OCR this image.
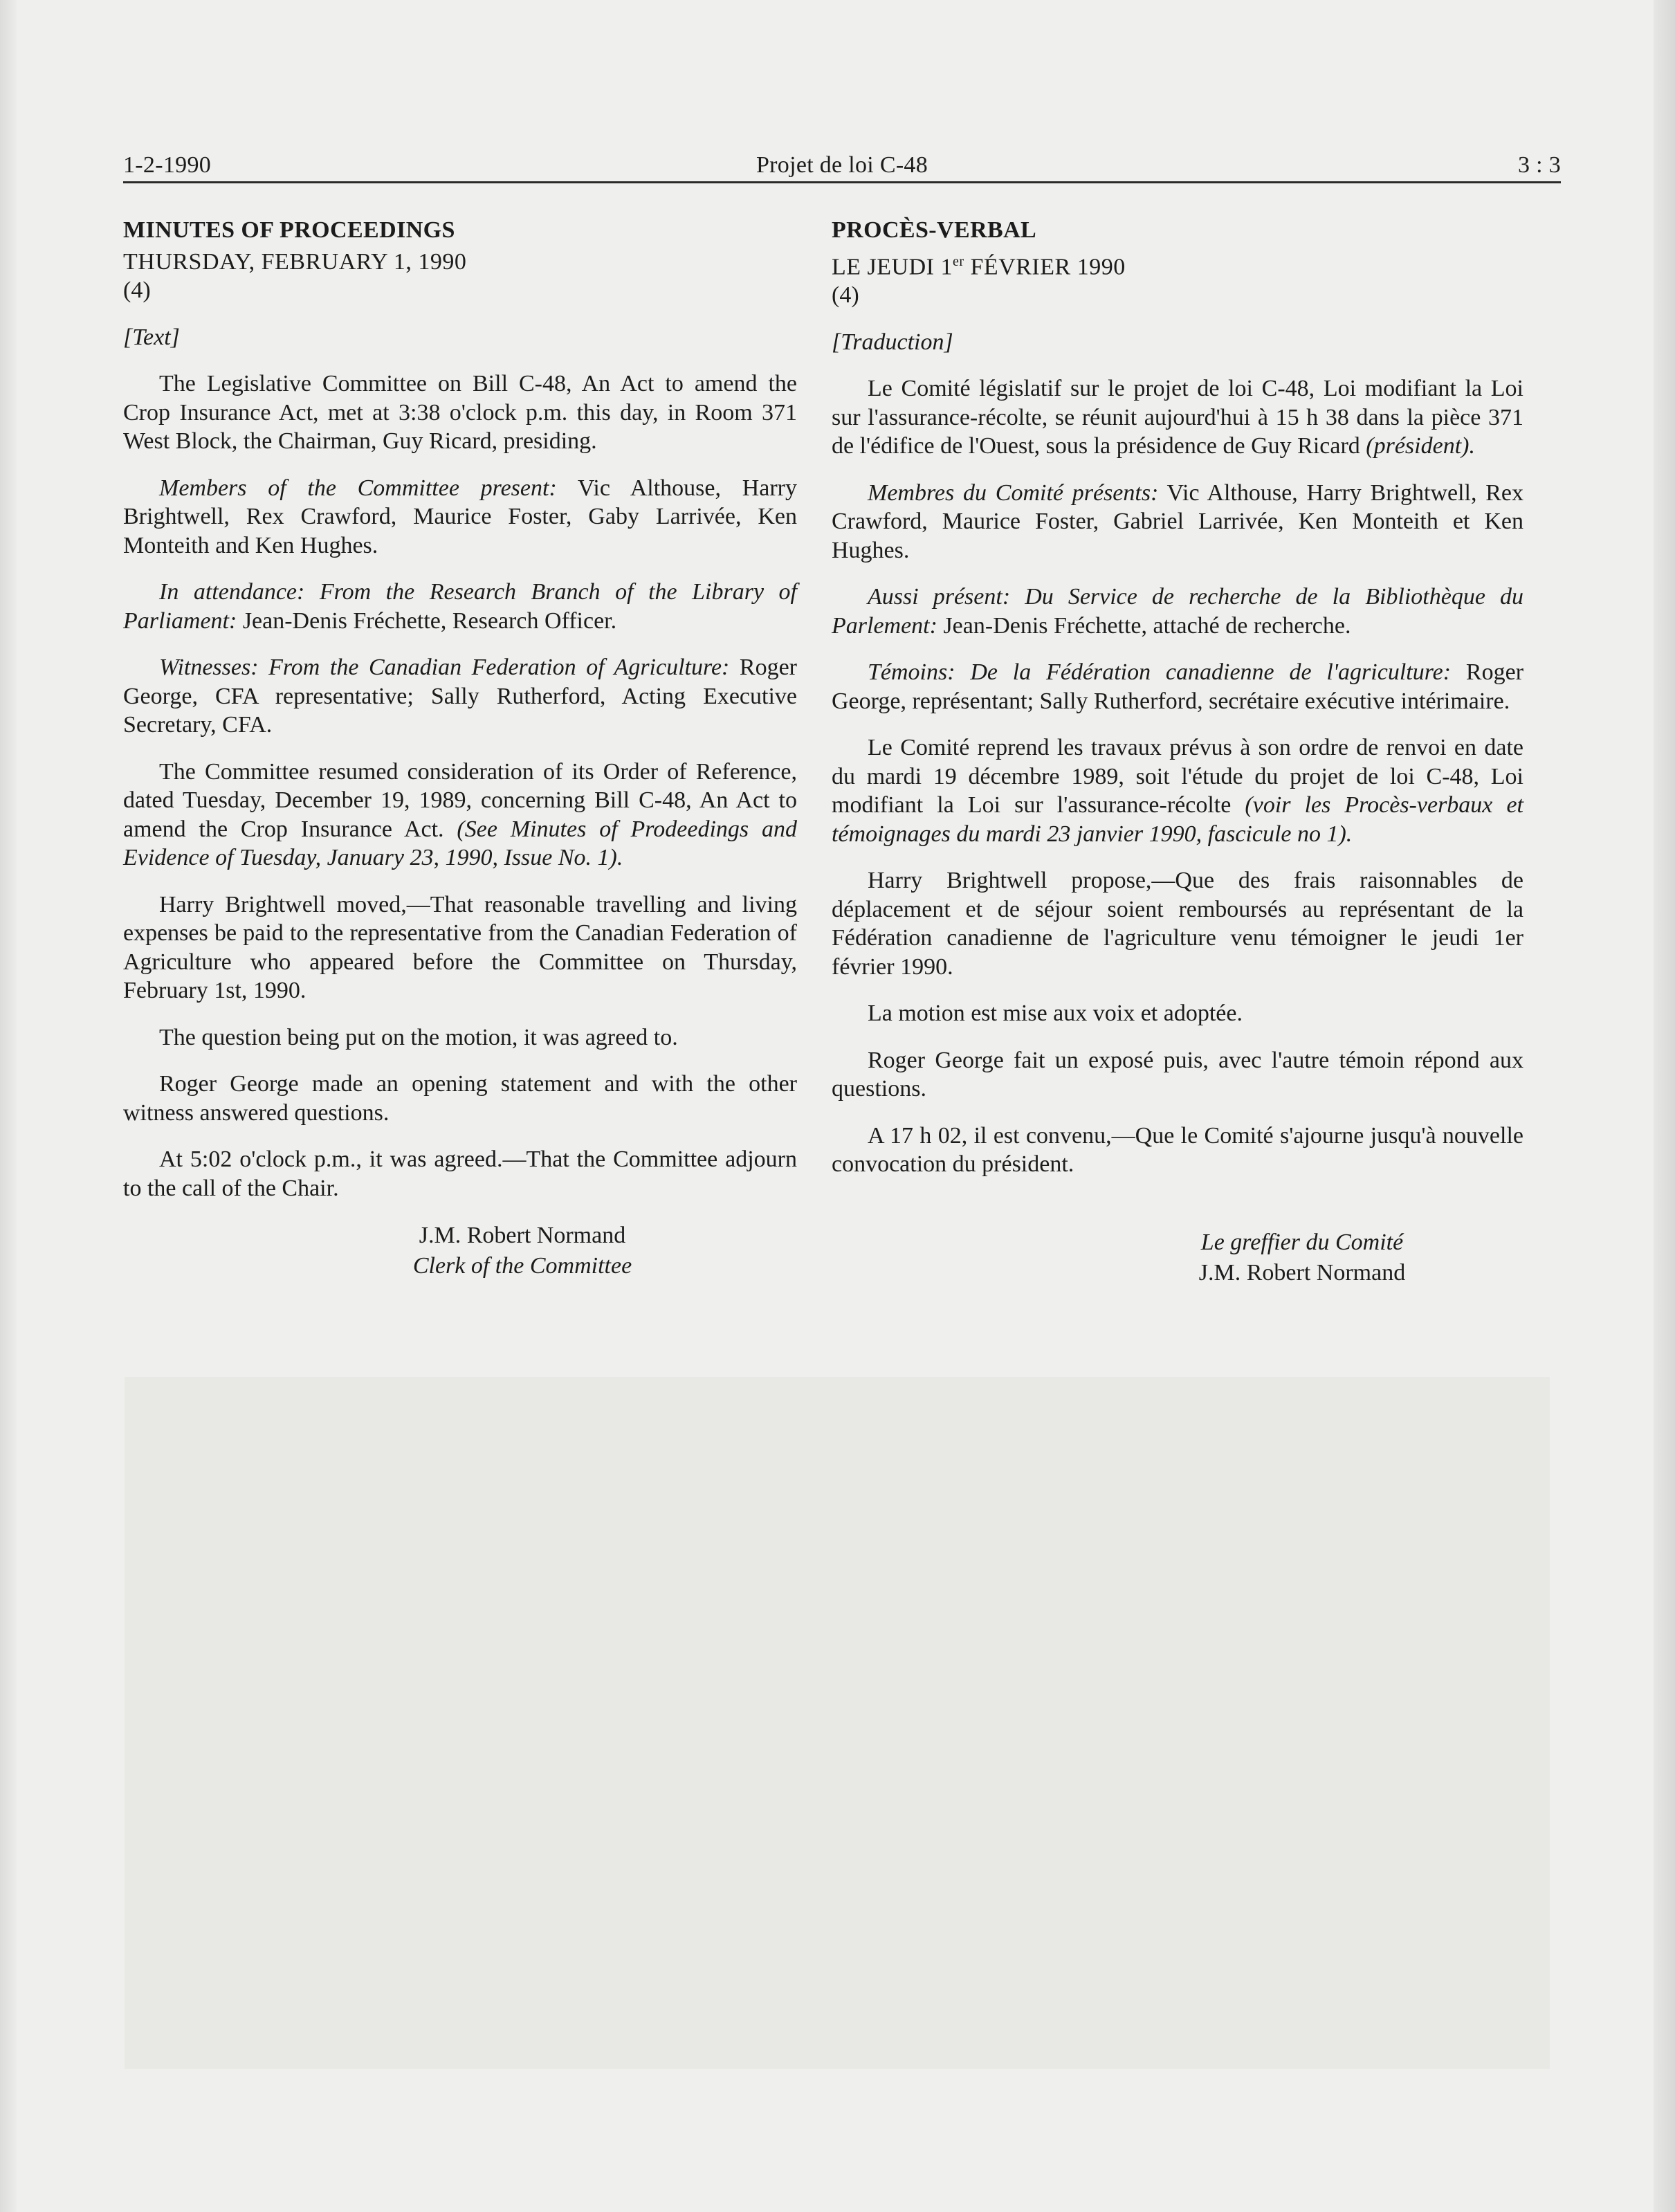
1-2-1990	Projet de loi C-48	3 : 3
MINUTES OF PROCEEDINGS
THURSDAY, FEBRUARY 1, 1990
(4)

[Text]

The Legislative Committee on Bill C-48, An Act to amend the Crop Insurance Act, met at 3:38 o'clock p.m. this day, in Room 371 West Block, the Chairman, Guy Ricard, presiding.

Members of the Committee present: Vic Althouse, Harry Brightwell, Rex Crawford, Maurice Foster, Gaby Larrivée, Ken Monteith and Ken Hughes.

In attendance: From the Research Branch of the Library of Parliament: Jean-Denis Fréchette, Research Officer.

Witnesses: From the Canadian Federation of Agriculture: Roger George, CFA representative; Sally Rutherford, Acting Executive Secretary, CFA.

The Committee resumed consideration of its Order of Reference, dated Tuesday, December 19, 1989, concerning Bill C-48, An Act to amend the Crop Insurance Act. (See Minutes of Prodeedings and Evidence of Tuesday, January 23, 1990, Issue No. 1).

Harry Brightwell moved,—That reasonable travelling and living expenses be paid to the representative from the Canadian Federation of Agriculture who appeared before the Committee on Thursday, February 1st, 1990.

The question being put on the motion, it was agreed to.

Roger George made an opening statement and with the other witness answered questions.

At 5:02 o'clock p.m., it was agreed.—That the Committee adjourn to the call of the Chair.

J.M. Robert Normand
Clerk of the Committee
PROCÈS-VERBAL
LE JEUDI 1er FÉVRIER 1990
(4)

[Traduction]

Le Comité législatif sur le projet de loi C-48, Loi modifiant la Loi sur l'assurance-récolte, se réunit aujourd'hui à 15 h 38 dans la pièce 371 de l'édifice de l'Ouest, sous la présidence de Guy Ricard (président).

Membres du Comité présents: Vic Althouse, Harry Brightwell, Rex Crawford, Maurice Foster, Gabriel Larrivée, Ken Monteith et Ken Hughes.

Aussi présent: Du Service de recherche de la Bibliothèque du Parlement: Jean-Denis Fréchette, attaché de recherche.

Témoins: De la Fédération canadienne de l'agriculture: Roger George, représentant; Sally Rutherford, secrétaire exécutive intérimaire.

Le Comité reprend les travaux prévus à son ordre de renvoi en date du mardi 19 décembre 1989, soit l'étude du projet de loi C-48, Loi modifiant la Loi sur l'assurance-récolte (voir les Procès-verbaux et témoignages du mardi 23 janvier 1990, fascicule no 1).

Harry Brightwell propose,—Que des frais raisonnables de déplacement et de séjour soient remboursés au représentant de la Fédération canadienne de l'agriculture venu témoigner le jeudi 1er février 1990.

La motion est mise aux voix et adoptée.

Roger George fait un exposé puis, avec l'autre témoin répond aux questions.

A 17 h 02, il est convenu,—Que le Comité s'ajourne jusqu'à nouvelle convocation du président.

Le greffier du Comité
J.M. Robert Normand
